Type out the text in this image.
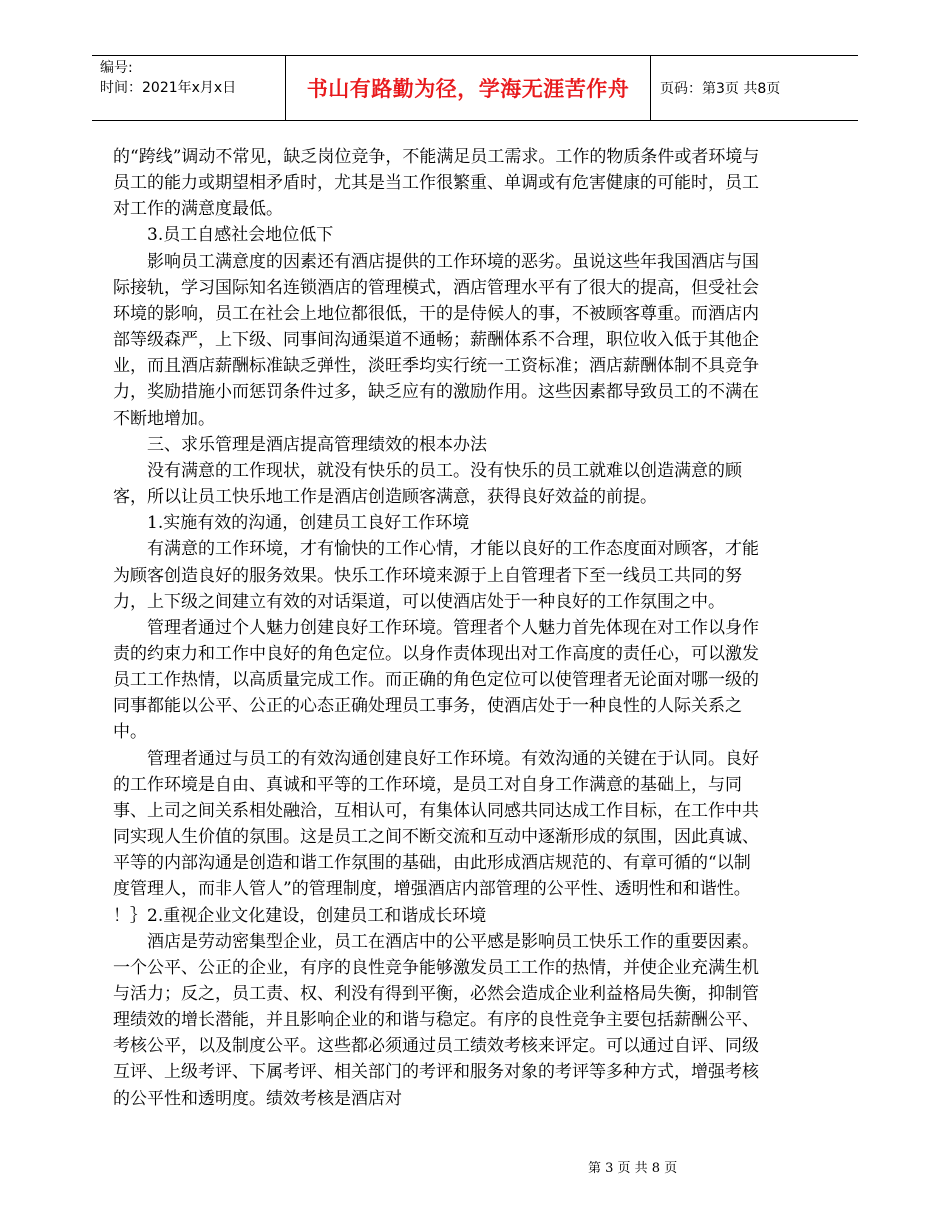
编号:
时间：2021年x月x日	书山有路勤为径，学海无涯苦作舟	页码：第3页 共8页

的“跨线”调动不常见，缺乏岗位竞争，不能满足员工需求。工作的物质条件或者环境与员工的能力或期望相矛盾时，尤其是当工作很繁重、单调或有危害健康的可能时，员工对工作的满意度最低。

3.员工自感社会地位低下

影响员工满意度的因素还有酒店提供的工作环境的恶劣。虽说这些年我国酒店与国际接轨，学习国际知名连锁酒店的管理模式，酒店管理水平有了很大的提高，但受社会环境的影响，员工在社会上地位都很低，干的是侍候人的事，不被顾客尊重。而酒店内部等级森严，上下级、同事间沟通渠道不通畅；薪酬体系不合理，职位收入低于其他企业，而且酒店薪酬标准缺乏弹性，淡旺季均实行统一工资标准；酒店薪酬体制不具竞争力，奖励措施小而惩罚条件过多，缺乏应有的激励作用。这些因素都导致员工的不满在不断地增加。

三、求乐管理是酒店提高管理绩效的根本办法

没有满意的工作现状，就没有快乐的员工。没有快乐的员工就难以创造满意的顾客，所以让员工快乐地工作是酒店创造顾客满意，获得良好效益的前提。

1.实施有效的沟通，创建员工良好工作环境

有满意的工作环境，才有愉快的工作心情，才能以良好的工作态度面对顾客，才能为顾客创造良好的服务效果。快乐工作环境来源于上自管理者下至一线员工共同的努力，上下级之间建立有效的对话渠道，可以使酒店处于一种良好的工作氛围之中。

管理者通过个人魅力创建良好工作环境。管理者个人魅力首先体现在对工作以身作责的约束力和工作中良好的角色定位。以身作责体现出对工作高度的责任心，可以激发员工工作热情，以高质量完成工作。而正确的角色定位可以使管理者无论面对哪一级的同事都能以公平、公正的心态正确处理员工事务，使酒店处于一种良性的人际关系之中。

管理者通过与员工的有效沟通创建良好工作环境。有效沟通的关键在于认同。良好的工作环境是自由、真诚和平等的工作环境，是员工对自身工作满意的基础上，与同事、上司之间关系相处融洽，互相认可，有集体认同感共同达成工作目标，在工作中共同实现人生价值的氛围。这是员工之间不断交流和互动中逐渐形成的氛围，因此真诚、平等的内部沟通是创造和谐工作氛围的基础，由此形成酒店规范的、有章可循的“以制度管理人，而非人管人”的管理制度，增强酒店内部管理的公平性、透明性和和谐性。

！｝2.重视企业文化建设，创建员工和谐成长环境

酒店是劳动密集型企业，员工在酒店中的公平感是影响员工快乐工作的重要因素。一个公平、公正的企业，有序的良性竞争能够激发员工工作的热情，并使企业充满生机与活力；反之，员工责、权、利没有得到平衡，必然会造成企业利益格局失衡，抑制管理绩效的增长潜能，并且影响企业的和谐与稳定。有序的良性竞争主要包括薪酬公平、考核公平，以及制度公平。这些都必须通过员工绩效考核来评定。可以通过自评、同级互评、上级考评、下属考评、相关部门的考评和服务对象的考评等多种方式，增强考核的公平性和透明度。绩效考核是酒店对

第 3 页 共 8 页
